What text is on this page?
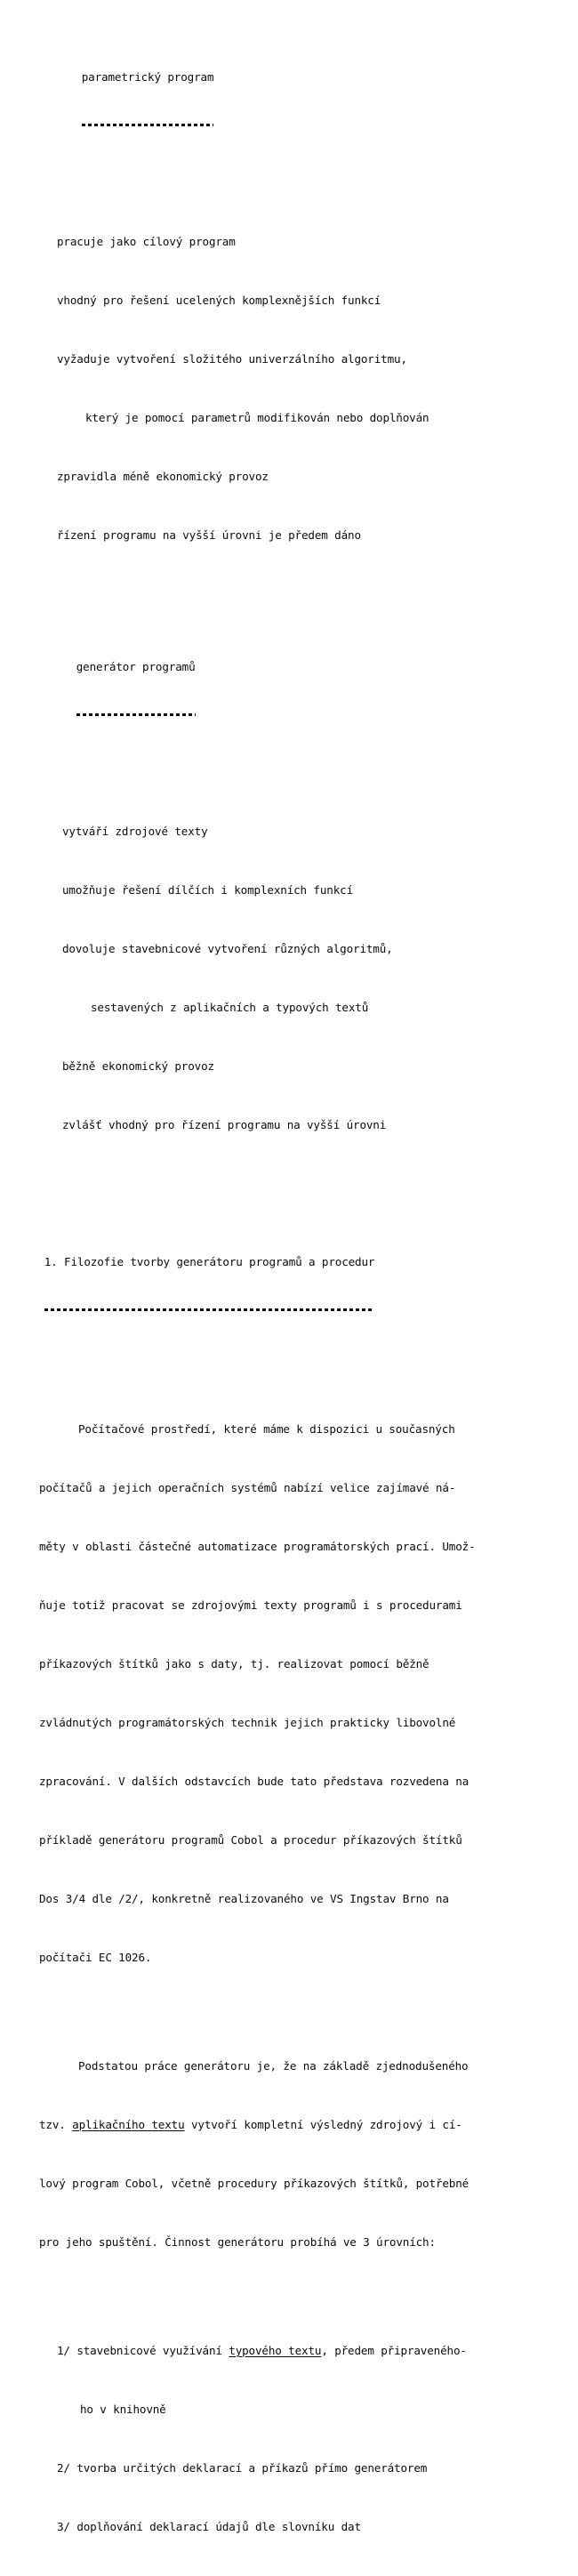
parametrický program

pracuje jako cílový program

vhodný pro řešení ucelených komplexnějších funkcí

vyžaduje vytvoření složitého univerzálního algoritmu,

který je pomocí parametrů modifikován nebo doplňován

zpravidla méně ekonomický provoz

řízení programu na vyšší úrovni je předem dáno

generátor programů

vytváří zdrojové texty

umožňuje řešení dílčích i komplexních funkcí

dovoluje stavebnicové vytvoření různých algoritmů,

sestavených z aplikačních a typových textů

běžně ekonomický provoz

zvlášť vhodný pro řízení programu na vyšší úrovni

1. Filozofie tvorby generátoru programů a procedur

Počítačové prostředí, které máme k dispozici u současných

počítačů a jejich operačních systémů nabízí velice zajímavé ná-

měty v oblasti částečné automatizace programátorských prací. Umož-

ňuje totiž pracovat se zdrojovými texty programů i s procedurami

příkazových štítků jako s daty, tj. realizovat pomocí běžně

zvládnutých programátorských technik jejich prakticky libovolné

zpracování. V dalších odstavcích bude tato představa rozvedena na

příkladě generátoru programů Cobol a procedur příkazových štítků

Dos 3/4 dle /2/, konkretně realizovaného ve VS Ingstav Brno na

počítači EC 1026.

Podstatou práce generátoru je, že na základě zjednodušeného

tzv. aplikačního textu vytvoří kompletní výsledný zdrojový i cí-

lový program Cobol, včetně procedury příkazových štítků, potřebné

pro jeho spuštění. Činnost generátoru probíhá ve 3 úrovních:

1/ stavebnicové využívání typového textu, předem připraveného-

ho v knihovně

2/ tvorba určitých deklarací a příkazů přímo generátorem

3/ doplňování deklarací údajů dle slovníku dat
